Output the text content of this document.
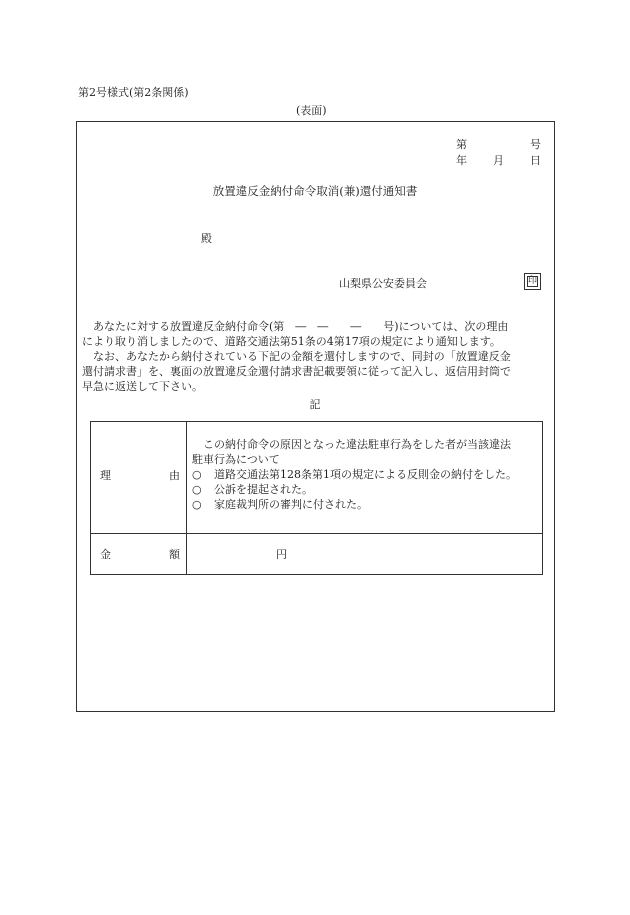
第2号様式(第2条関係)
(表面)
第	号
年 月 日
放置違反金納付命令取消(兼)還付通知書
殿
山梨県公安委員会	印
　あなたに対する放置違反金納付命令(第　―　―　　―　　号)については、次の理由
により取り消しましたので、道路交通法第51条の4第17項の規定により通知します。
　なお、あなたから納付されている下記の金額を還付しますので、同封の「放置違反金
還付請求書」を、裏面の放置違反金還付請求書記載要領に従って記入し、返信用封筒で
早急に返送して下さい。
記
理	由
　この納付命令の原因となった違法駐車行為をした者が当該違法
駐車行為について
○	道路交通法第128条第1項の規定による反則金の納付をした。
○	公訴を提起された。
○	家庭裁判所の審判に付された。
金	額	円
